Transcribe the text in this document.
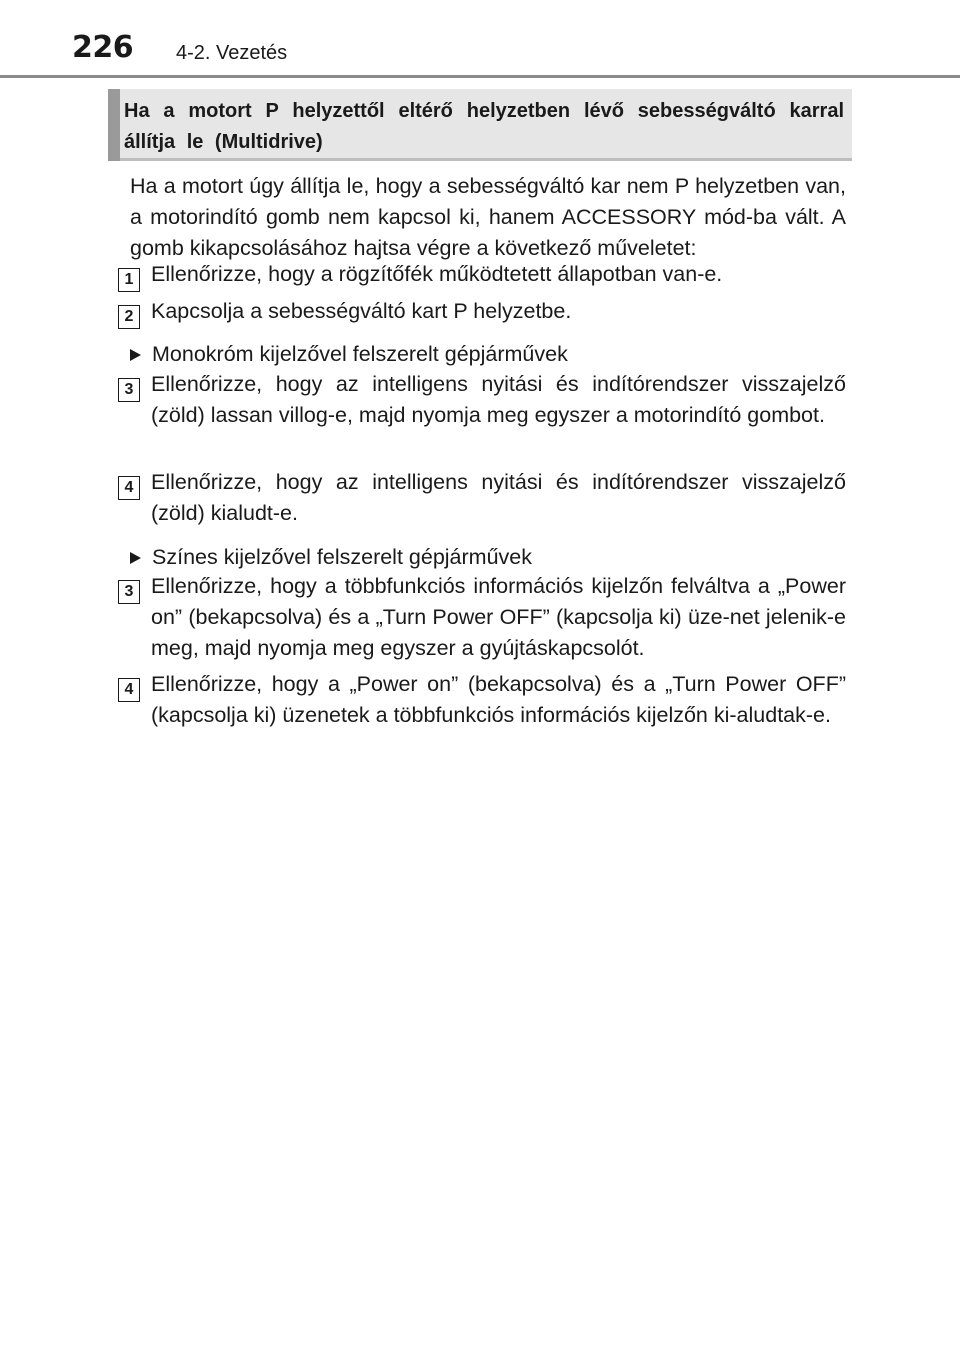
226 4-2. Vezetés
Ha a motort P helyzettől eltérő helyzetben lévő sebességváltó karral állítja le (Multidrive)
Ha a motort úgy állítja le, hogy a sebességváltó kar nem P helyzetben van, a motorindító gomb nem kapcsol ki, hanem ACCESSORY mód-ba vált. A gomb kikapcsolásához hajtsa végre a következő műveletet:
1 Ellenőrizze, hogy a rögzítőfék működtetett állapotban van-e.
2 Kapcsolja a sebességváltó kart P helyzetbe.
Monokróm kijelzővel felszerelt gépjárművek
3 Ellenőrizze, hogy az intelligens nyitási és indítórendszer visszajelző (zöld) lassan villog-e, majd nyomja meg egyszer a motorindító gombot.
4 Ellenőrizze, hogy az intelligens nyitási és indítórendszer visszajelző (zöld) kialudt-e.
Színes kijelzővel felszerelt gépjárművek
3 Ellenőrizze, hogy a többfunkciós információs kijelzőn felváltva a „Power on” (bekapcsolva) és a „Turn Power OFF” (kapcsolja ki) üze-net jelenik-e meg, majd nyomja meg egyszer a gyújtáskapcsolót.
4 Ellenőrizze, hogy a „Power on” (bekapcsolva) és a „Turn Power OFF” (kapcsolja ki) üzenetek a többfunkciós információs kijelzőn ki-aludtak-e.
